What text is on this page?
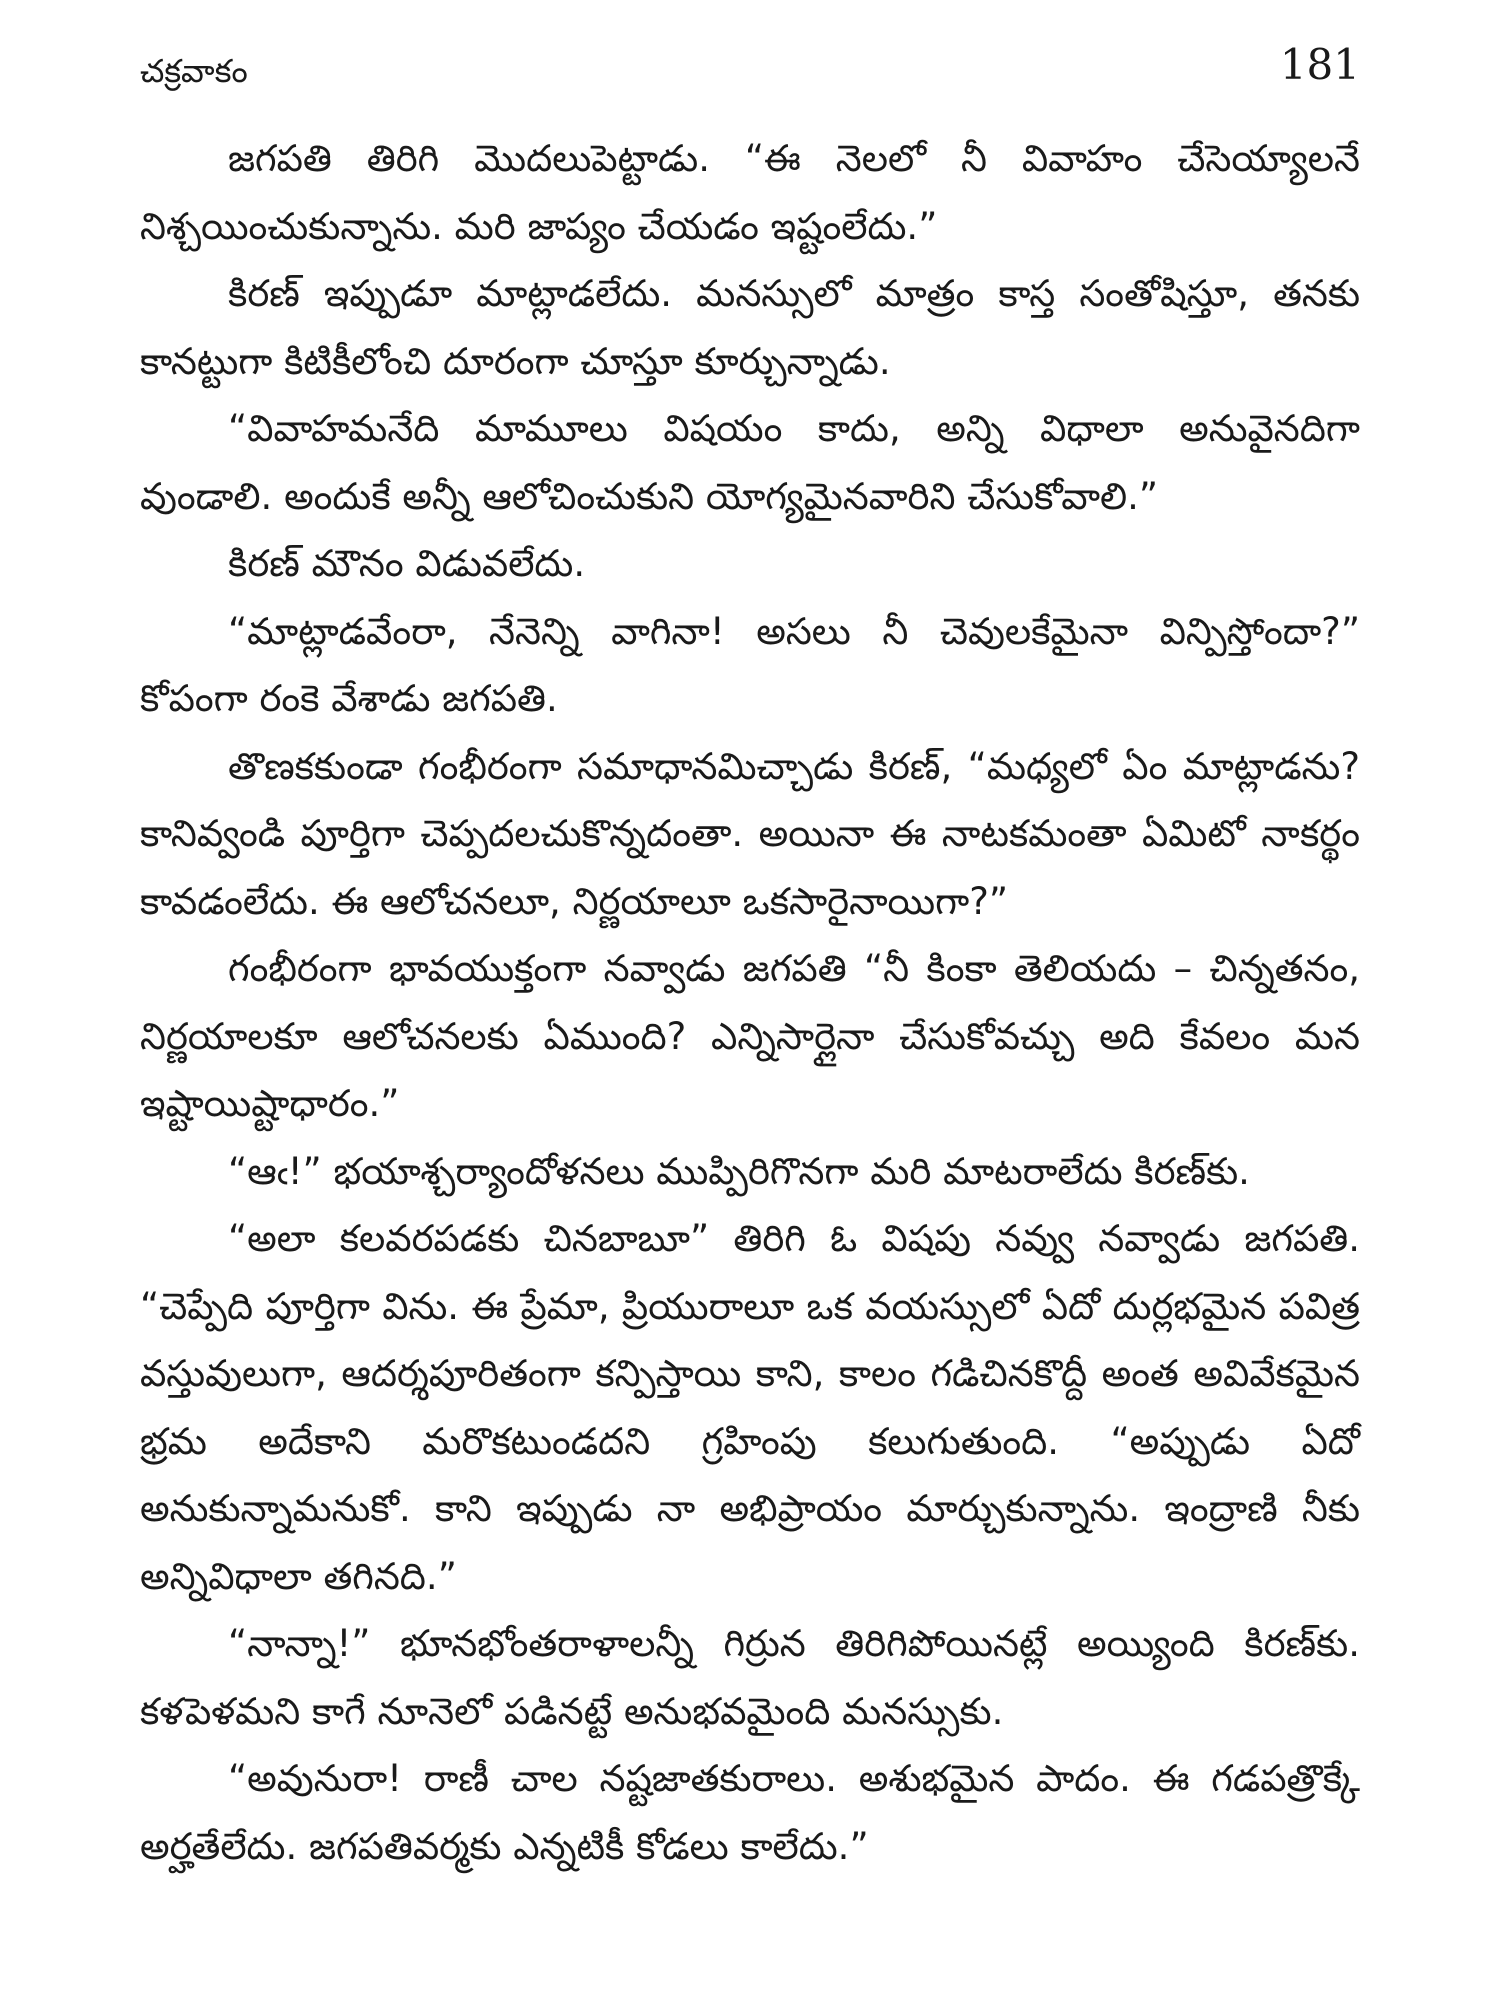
చక్రవాకం	181

జగపతి తిరిగి మొదలుపెట్టాడు. “ఈ నెలలో నీ వివాహం చేసెయ్యాలనే నిశ్చయించుకున్నాను. మరి జాప్యం చేయడం ఇష్టంలేదు.”

కిరణ్ ఇప్పుడూ మాట్లాడలేదు. మనస్సులో మాత్రం కాస్త సంతోషిస్తూ, తనకు కానట్టుగా కిటికీలోంచి దూరంగా చూస్తూ కూర్చున్నాడు.

“వివాహమనేది మామూలు విషయం కాదు, అన్ని విధాలా అనువైనదిగా వుండాలి. అందుకే అన్నీ ఆలోచించుకుని యోగ్యమైనవారిని చేసుకోవాలి.”

కిరణ్ మౌనం విడువలేదు.

“మాట్లాడవేంరా, నేనెన్ని వాగినా! అసలు నీ చెవులకేమైనా విన్పిస్తోందా?” కోపంగా రంకె వేశాడు జగపతి.

తొణకకుండా గంభీరంగా సమాధానమిచ్చాడు కిరణ్, “మధ్యలో ఏం మాట్లాడను? కానివ్వండి పూర్తిగా చెప్పదలచుకొన్నదంతా. అయినా ఈ నాటకమంతా ఏమిటో నాకర్థం కావడంలేదు. ఈ ఆలోచనలూ, నిర్ణయాలూ ఒకసారైనాయిగా?”

గంభీరంగా భావయుక్తంగా నవ్వాడు జగపతి “నీ కింకా తెలియదు – చిన్నతనం, నిర్ణయాలకూ ఆలోచనలకు ఏముంది? ఎన్నిసార్లైనా చేసుకోవచ్చు అది కేవలం మన ఇష్టాయిష్టాధారం.”

“ఆఁ!” భయాశ్చర్యాందోళనలు ముప్పిరిగొనగా మరి మాటరాలేదు కిరణ్‌కు.

“అలా కలవరపడకు చినబాబూ” తిరిగి ఓ విషపు నవ్వు నవ్వాడు జగపతి. “చెప్పేది పూర్తిగా విను. ఈ ప్రేమా, ప్రియురాలూ ఒక వయస్సులో ఏదో దుర్లభమైన పవిత్ర వస్తువులుగా, ఆదర్శపూరితంగా కన్పిస్తాయి కాని, కాలం గడిచినకొద్దీ అంత అవివేకమైన భ్రమ అదేకాని మరొకటుండదని గ్రహింపు కలుగుతుంది. “అప్పుడు ఏదో అనుకున్నామనుకో. కాని ఇప్పుడు నా అభిప్రాయం మార్చుకున్నాను. ఇంద్రాణి నీకు అన్నివిధాలా తగినది.”

“నాన్నా!” భూనభోంతరాళాలన్నీ గిర్రున తిరిగిపోయినట్లే అయ్యింది కిరణ్‌కు. కళపెళమని కాగే నూనెలో పడినట్టే అనుభవమైంది మనస్సుకు.

“అవునురా! రాణీ చాల నష్టజాతకురాలు. అశుభమైన పాదం. ఈ గడపత్రొక్కే అర్హతేలేదు. జగపతివర్మకు ఎన్నటికీ కోడలు కాలేదు.”
